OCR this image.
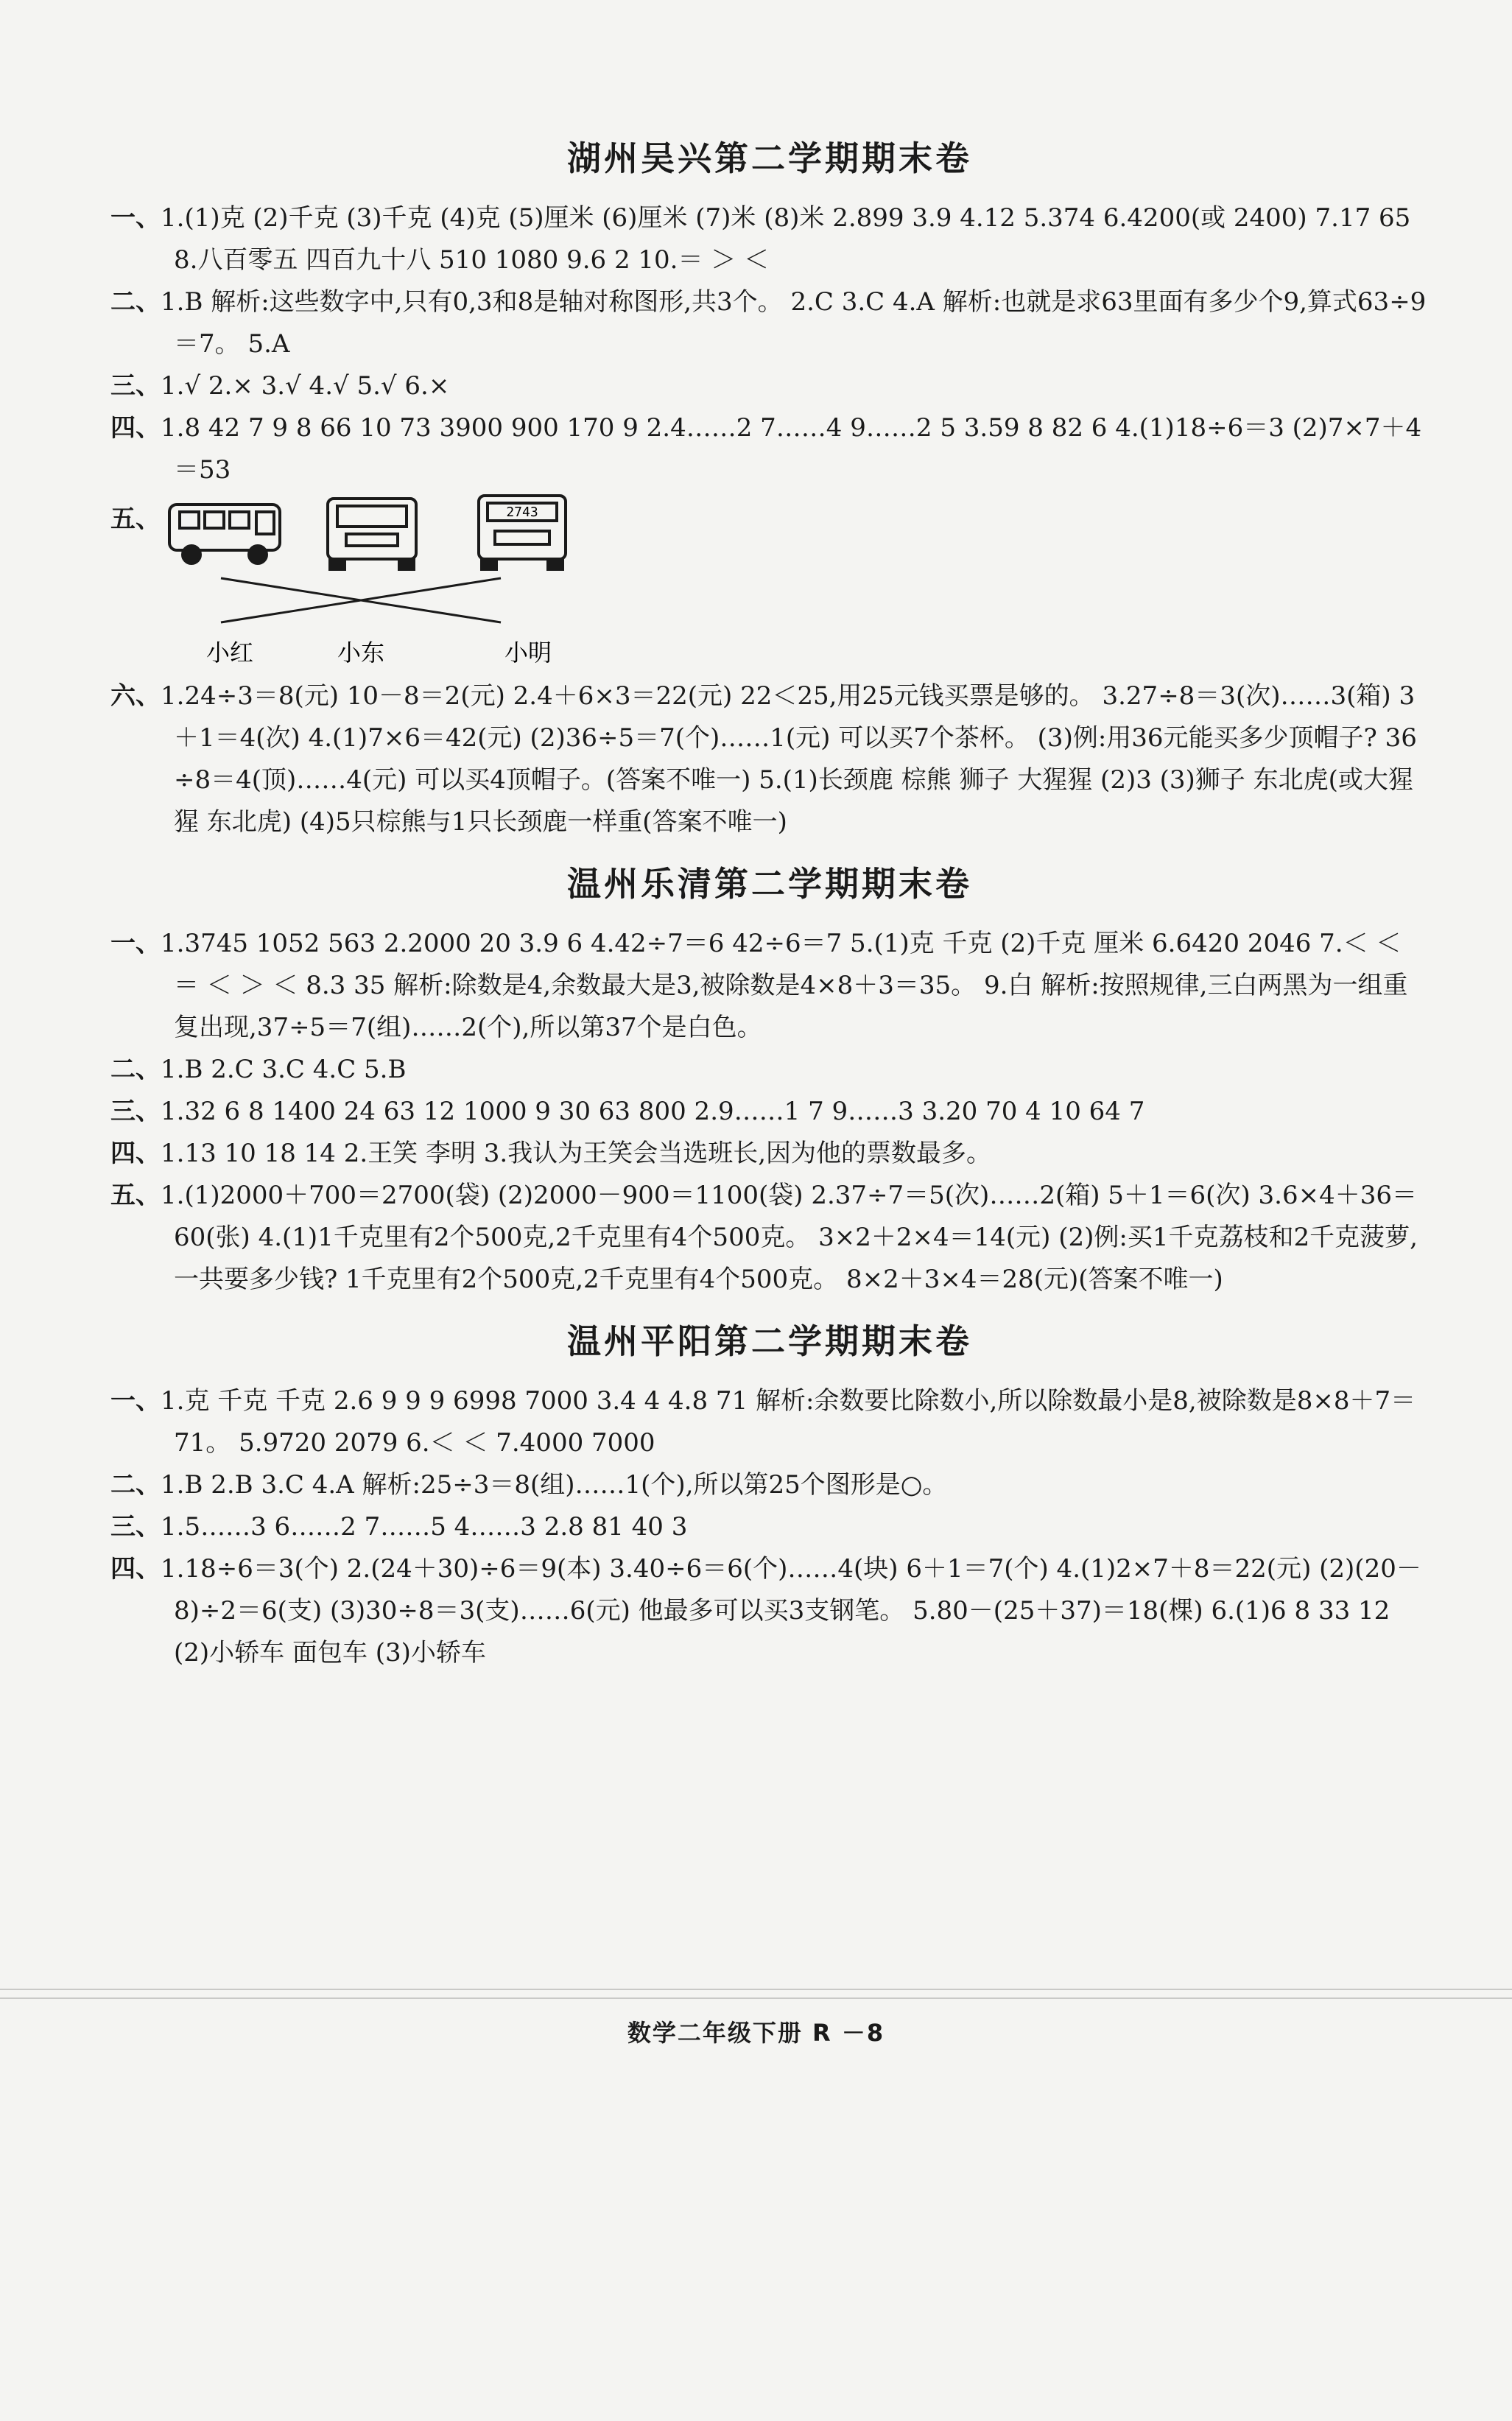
湖州吴兴第二学期期末卷
一、1.(1)克 (2)千克 (3)千克 (4)克 (5)厘米 (6)厘米 (7)米 (8)米 2.899 3.9 4.12 5.374 6.4200(或 2400) 7.17 65 8.八百零五 四百九十八 510 1080 9.6 2 10.＝ ＞ ＜
二、1.B 解析:这些数字中,只有0,3和8是轴对称图形,共3个。 2.C 3.C 4.A 解析:也就是求63里面有多少个9,算式63÷9＝7。 5.A
三、1.√ 2.× 3.√ 4.√ 5.√ 6.×
四、1.8 42 7 9 8 66 10 73 3900 900 170 9 2.4……2 7……4 9……2 5 3.59 8 82 6 4.(1)18÷6＝3 (2)7×7＋4＝53
五、	2743
小红	小东	小明
六、1.24÷3＝8(元) 10－8＝2(元) 2.4＋6×3＝22(元) 22＜25,用25元钱买票是够的。 3.27÷8＝3(次)……3(箱) 3＋1＝4(次) 4.(1)7×6＝42(元) (2)36÷5＝7(个)……1(元) 可以买7个茶杯。 (3)例:用36元能买多少顶帽子? 36÷8＝4(顶)……4(元) 可以买4顶帽子。(答案不唯一) 5.(1)长颈鹿 棕熊 狮子 大猩猩 (2)3 (3)狮子 东北虎(或大猩猩 东北虎) (4)5只棕熊与1只长颈鹿一样重(答案不唯一)
温州乐清第二学期期末卷
一、1.3745 1052 563 2.2000 20 3.9 6 4.42÷7＝6 42÷6＝7 5.(1)克 千克 (2)千克 厘米 6.6420 2046 7.＜ ＜ ＝ ＜ ＞ ＜ 8.3 35 解析:除数是4,余数最大是3,被除数是4×8＋3＝35。 9.白 解析:按照规律,三白两黑为一组重复出现,37÷5＝7(组)……2(个),所以第37个是白色。
二、1.B 2.C 3.C 4.C 5.B
三、1.32 6 8 1400 24 63 12 1000 9 30 63 800 2.9……1 7 9……3 3.20 70 4 10 64 7
四、1.13 10 18 14 2.王笑 李明 3.我认为王笑会当选班长,因为他的票数最多。
五、1.(1)2000＋700＝2700(袋) (2)2000－900＝1100(袋) 2.37÷7＝5(次)……2(箱) 5＋1＝6(次) 3.6×4＋36＝60(张) 4.(1)1千克里有2个500克,2千克里有4个500克。 3×2＋2×4＝14(元) (2)例:买1千克荔枝和2千克菠萝,一共要多少钱? 1千克里有2个500克,2千克里有4个500克。 8×2＋3×4＝28(元)(答案不唯一)
温州平阳第二学期期末卷
一、1.克 千克 千克 2.6 9 9 9 6998 7000 3.4 4 4.8 71 解析:余数要比除数小,所以除数最小是8,被除数是8×8＋7＝71。 5.9720 2079 6.＜ ＜ 7.4000 7000
二、1.B 2.B 3.C 4.A 解析:25÷3＝8(组)……1(个),所以第25个图形是○。
三、1.5……3 6……2 7……5 4……3 2.8 81 40 3
四、1.18÷6＝3(个) 2.(24＋30)÷6＝9(本) 3.40÷6＝6(个)……4(块) 6＋1＝7(个) 4.(1)2×7＋8＝22(元) (2)(20－8)÷2＝6(支) (3)30÷8＝3(支)……6(元) 他最多可以买3支钢笔。 5.80－(25＋37)＝18(棵) 6.(1)6 8 33 12 (2)小轿车 面包车 (3)小轿车
数学二年级下册 R －8
